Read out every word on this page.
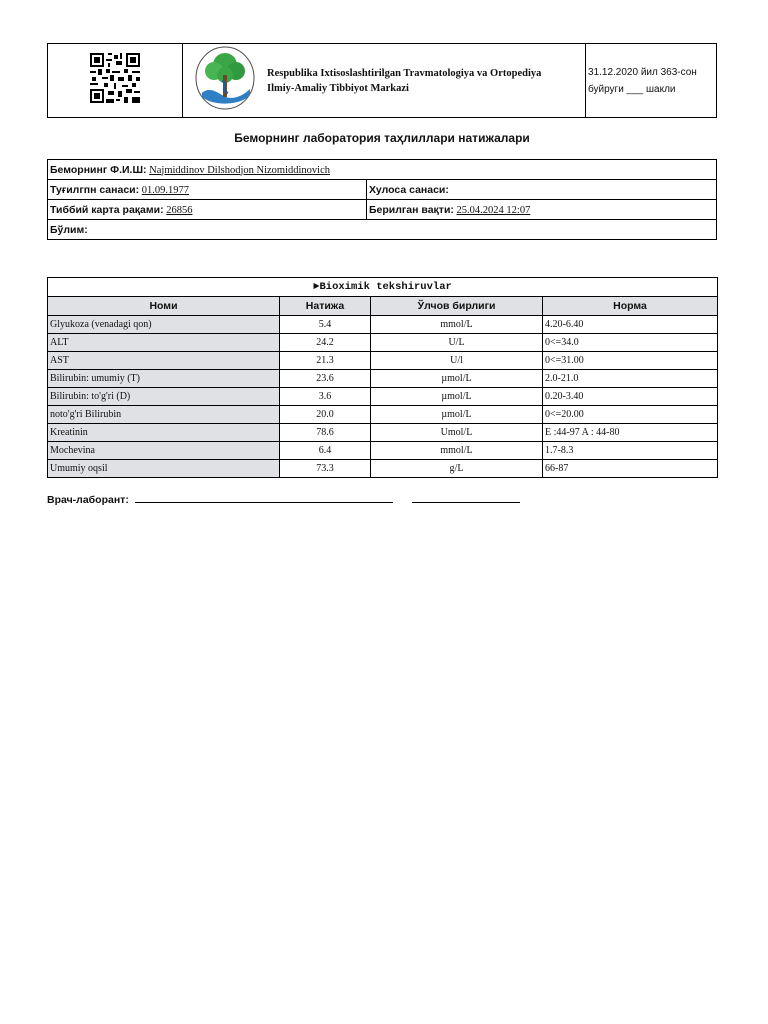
Respublika Ixtisoslashtirilgan Travmatologiya va Ortopediya
Ilmiy-Amaliy Tibbiyot Markazi
31.12.2020 йил 363-сон
буйруги ___ шакли
Беморнинг лаборатория таҳлиллари натижалари
Беморнинг Ф.И.Ш: Najmiddinov Dilshodjon Nizomiddinovich	
Туғилгпн санаси: 01.09.1977	Хулоса санаси:
Тиббий карта рақами: 26856	Берилган вақти: 25.04.2024 12:07
Бўлим:	
►Bioximik tekshiruvlar			
Номи	Натижа	Ўлчов бирлиги	Норма
Glyukoza (venadagi qon)	5.4	mmol/L	4.20-6.40
ALT	24.2	U/L	0<=34.0
AST	21.3	U/l	0<=31.00
Bilirubin: umumiy (T)	23.6	µmol/L	2.0-21.0
Bilirubin: to'g'ri (D)	3.6	µmol/L	0.20-3.40
noto'g'ri Bilirubin	20.0	µmol/L	0<=20.00
Kreatinin	78.6	Umol/L	E :44-97 A : 44-80
Mochevina	6.4	mmol/L	1.7-8.3
Umumiy oqsil	73.3	g/L	66-87
Врач-лаборант:
